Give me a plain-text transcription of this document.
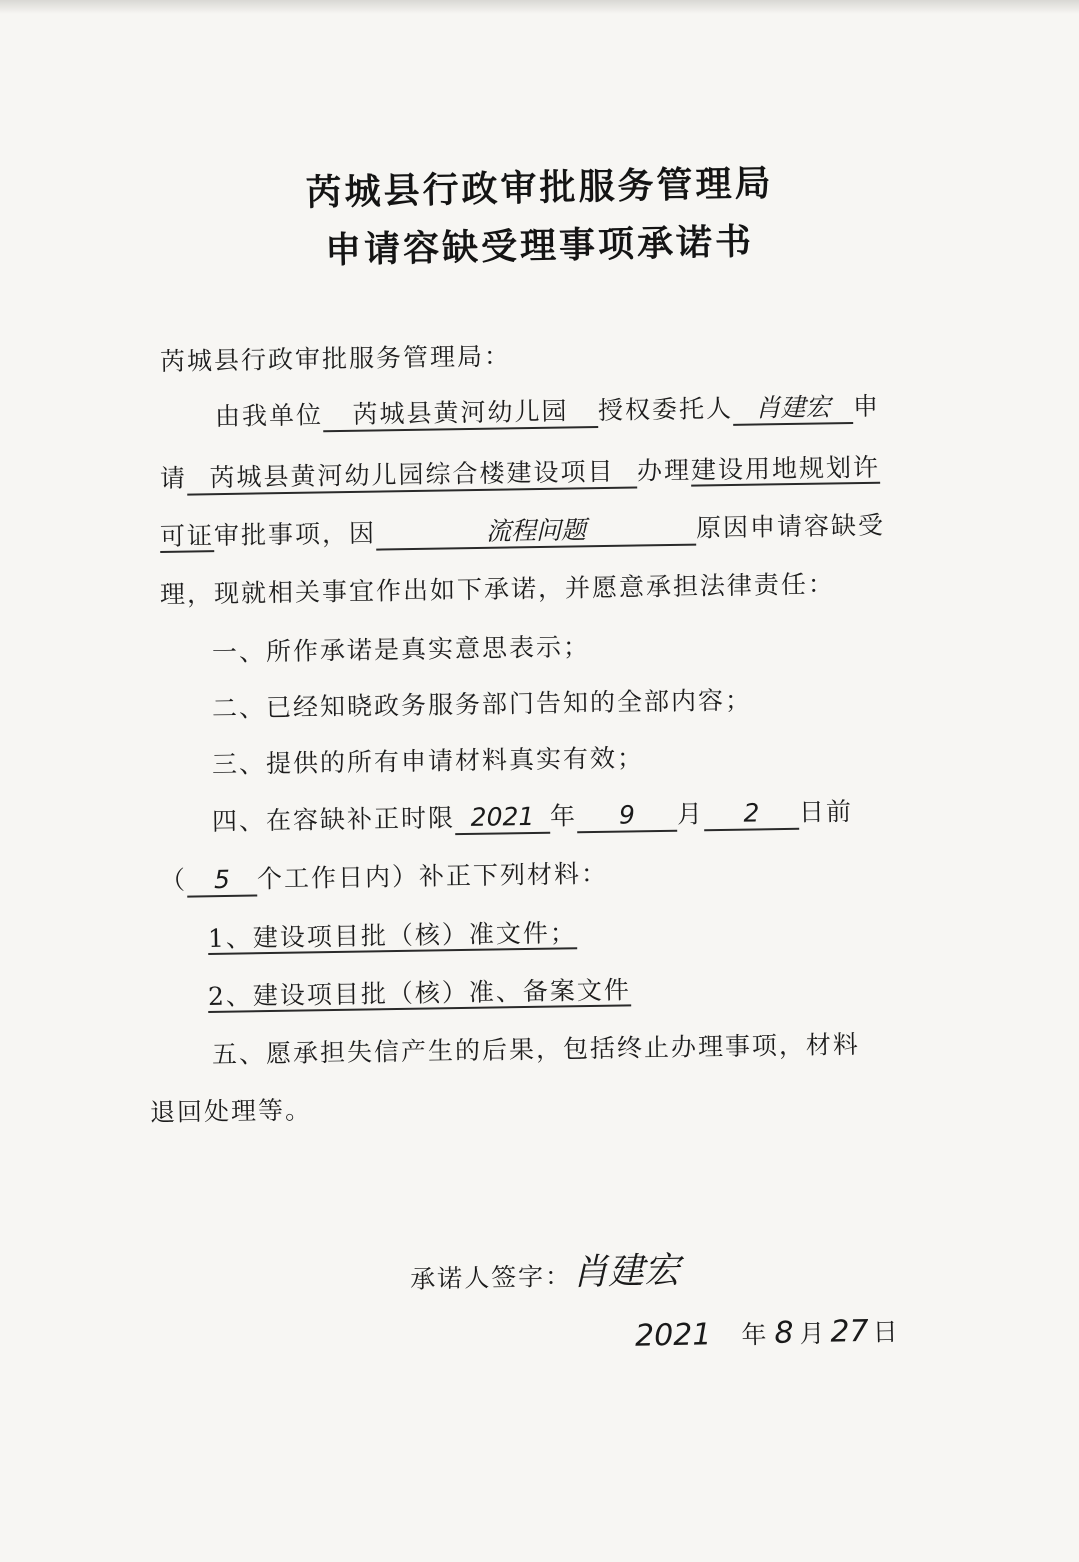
芮城县行政审批服务管理局
申请容缺受理事项承诺书
芮城县行政审批服务管理局：
由我单位 芮城县黄河幼儿园 授权委托人 肖建宏 申
请 芮城县黄河幼儿园综合楼建设项目 办理建设用地规划许
可证审批事项，因	流程问题	原因申请容缺受
理，现就相关事宜作出如下承诺，并愿意承担法律责任：
一、所作承诺是真实意思表示；
二、已经知晓政务服务部门告知的全部内容；
三、提供的所有申请材料真实有效；
四、在容缺补正时限 2021 年 9 月 2 日前
（ 5 个工作日内）补正下列材料：
1、建设项目批（核）准文件；
2、建设项目批（核）准、备案文件
五、愿承担失信产生的后果，包括终止办理事项，材料
退回处理等。
承诺人签字：肖建宏
2021 年 8 月 27 日
